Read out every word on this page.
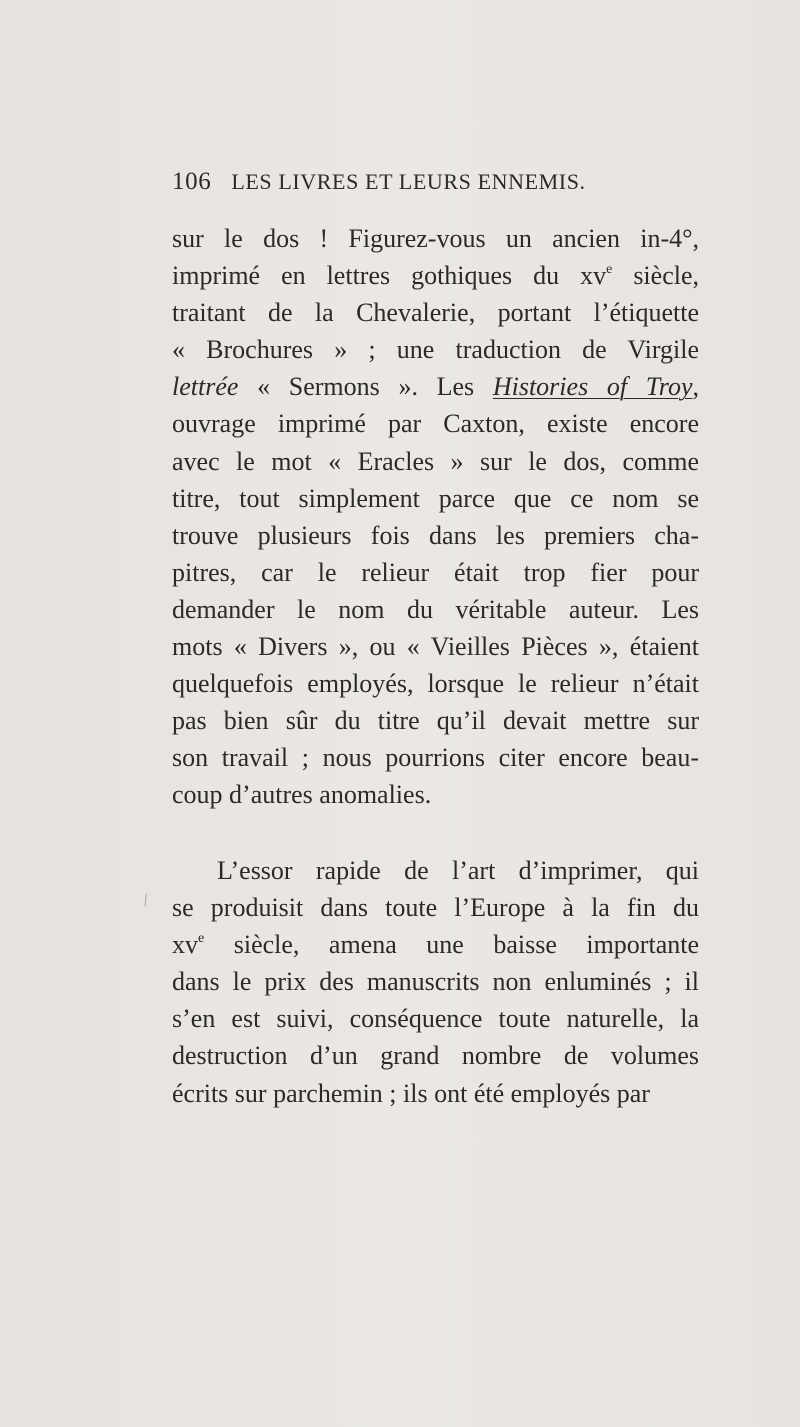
106 LES LIVRES ET LEURS ENNEMIS.
sur le dos ! Figurez-vous un ancien in-4°,
imprimé en lettres gothiques du $xv^e$ siècle,
traitant de la Chevalerie, portant l’étiquette
« Brochures » ; une traduction de Virgile
lettrée « Sermons ». Les Histories of Troy,
ouvrage imprimé par Caxton, existe encore
avec le mot « Eracles » sur le dos, comme
titre, tout simplement parce que ce nom se
trouve plusieurs fois dans les premiers cha-
pitres, car le relieur était trop fier pour
demander le nom du véritable auteur. Les
mots « Divers », ou « Vieilles Pièces », étaient
quelquefois employés, lorsque le relieur n’était
pas bien sûr du titre qu’il devait mettre sur
son travail ; nous pourrions citer encore beau-
coup d’autres anomalies.
L’essor rapide de l’art d’imprimer, qui
se produisit dans toute l’Europe à la fin du
$xv^e$ siècle, amena une baisse importante
dans le prix des manuscrits non enluminés ; il
s’en est suivi, conséquence toute naturelle, la
destruction d’un grand nombre de volumes
écrits sur parchemin ; ils ont été employés par
⁄
